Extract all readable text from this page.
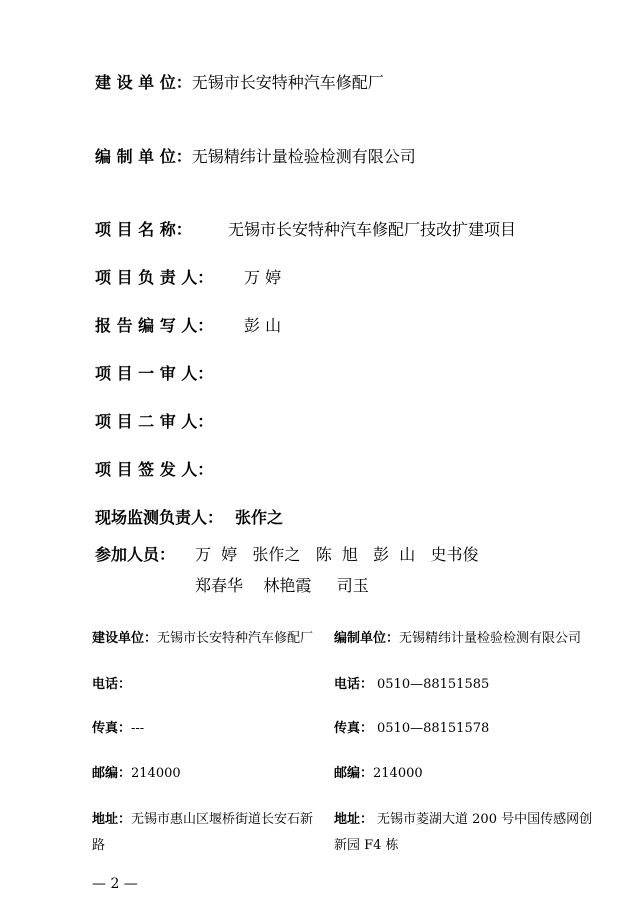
建 设 单 位：无锡市长安特种汽车修配厂
编 制 单 位：无锡精纬计量检验检测有限公司
项 目 名 称： 无锡市长安特种汽车修配厂技改扩建项目
项 目 负 责 人： 万 婷
报 告 编 写 人： 彭 山
项 目 一 审 人：
项 目 二 审 人：
项 目 签 发 人：
现场监测负责人： 张作之
参加人员： 万  婷   张作之   陈  旭   彭  山   史书俊
郑春华    林艳霞     司玉
建设单位：无锡市长安特种汽车修配厂
电话：
传真：---
邮编：214000
地址：无锡市惠山区堰桥街道长安石新
路
编制单位：无锡精纬计量检验检测有限公司
电话： 0510—88151585
传真： 0510—88151578
邮编：214000
地址： 无锡市菱湖大道 200 号中国传感网创
新园 F4 栋
— 2 —
